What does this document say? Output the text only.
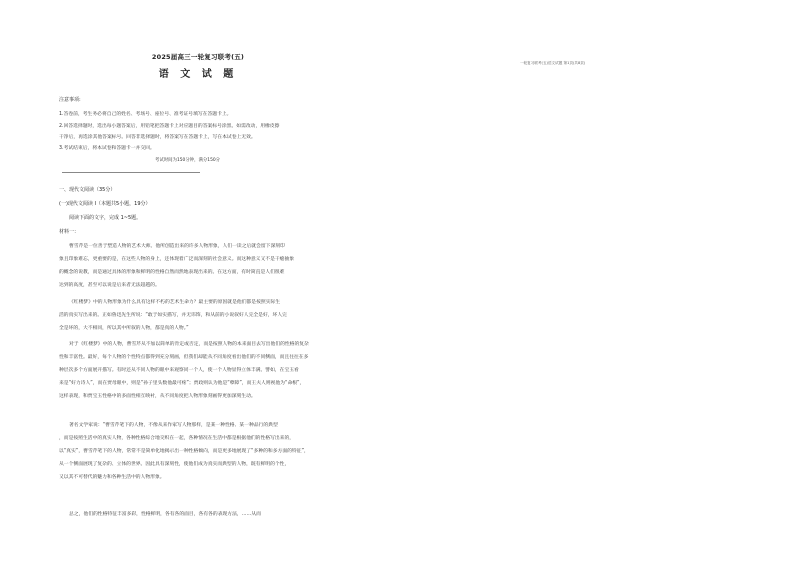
2025届高三一轮复习联考(五)
语 文 试 题
一轮复习联考(五)语文试题 第1页(共8页)
注意事项:
1.答卷前，考生务必将自己的姓名、考场号、座位号、准考证号填写在答题卡上。
2.回答选择题时，选出每小题答案后，用铅笔把答题卡上对应题目的答案标号涂黑。如需改动，用橡皮擦
干净后，再选涂其他答案标号。回答非选择题时，将答案写在答题卡上，写在本试卷上无效。
3.考试结束后，将本试卷和答题卡一并交回。
考试时间为150分钟，满分150分
一、现代文阅读（35分）
(一)现代文阅读 I（本题共5小题，19分）
阅读下面的文字，完成 1~5题。
材料一：

曹雪芹是一位善于塑造人物的艺术大师。他所创造出来的许多人物形象，人们一读之后就会留下深刻印

象且印象难忘，更重要的是，在这些人物的身上，还体现着广泛而深刻的社会意义。而这种意义又不是干瘪抽象

的概念的说教，而是通过具体的形象和鲜明的性格自然而然地表现出来的。在这方面，有时简直是人们很难

达到的高度，甚至可以说是后来者无法超越的。

《红楼梦》中的人物形象为什么具有这样不朽的艺术生命力？最主要的原因就是他们都是按照实际生

活的真实写出来的。正如鲁迅先生所说：“敢于如实描写，并无讳饰，和从前的小说叙好人完全是好，坏人完

全是坏的，大不相同，所以其中所叙的人物，都是真的人物。”

对于《红楼梦》中的人物，曹雪芹从不加以简单的肯定或否定，而是按照人物的本来面目去写出他们的性格的复杂

性和丰富性。最好，每个人物的个性特点都得到充分刻画，但我们却能从不同角度看出他们的不同侧面，而且往往在多

种层次多个方面展开描写。有时还从不同人物的眼中来观察同一个人，使一个人物显得立体丰满。譬如，在宝玉看

来是“好力诗人”，而在贾母眼中，则是“孙子里头数他最可疼”；贾政则认为他是“孽障”，而王夫人则视他为“命根”，

这样表现，和贾宝玉性格中的多面性相互映衬，从不同角度把人物形象刻画得更加深刻生动。

著名文学家说：“曹雪芹笔下的人物，不像从来作家写人物那样，是某一种性格、某一种品行的典型

，而是按照生活中的真实人物，各种性格综合地交织在一起，各种情况在生活中都是根据他们的性格写出来的，

以“真实”，曹雪芹笔下的人物，常常不是简单化地揭示出一种性格倾向，而是更多地展现了“多种的和多方面的特征”，

从一个侧面展现了复杂的、立体的世界。因此具有深刻性，使他们成为真实而典型的人物，既有鲜明的个性，

又以其不可替代的魅力和各种生活中的人物形象。

总之，他们的性格特征丰富多彩，性格鲜明，各有各的面目，各有各的表现方法，……从而
